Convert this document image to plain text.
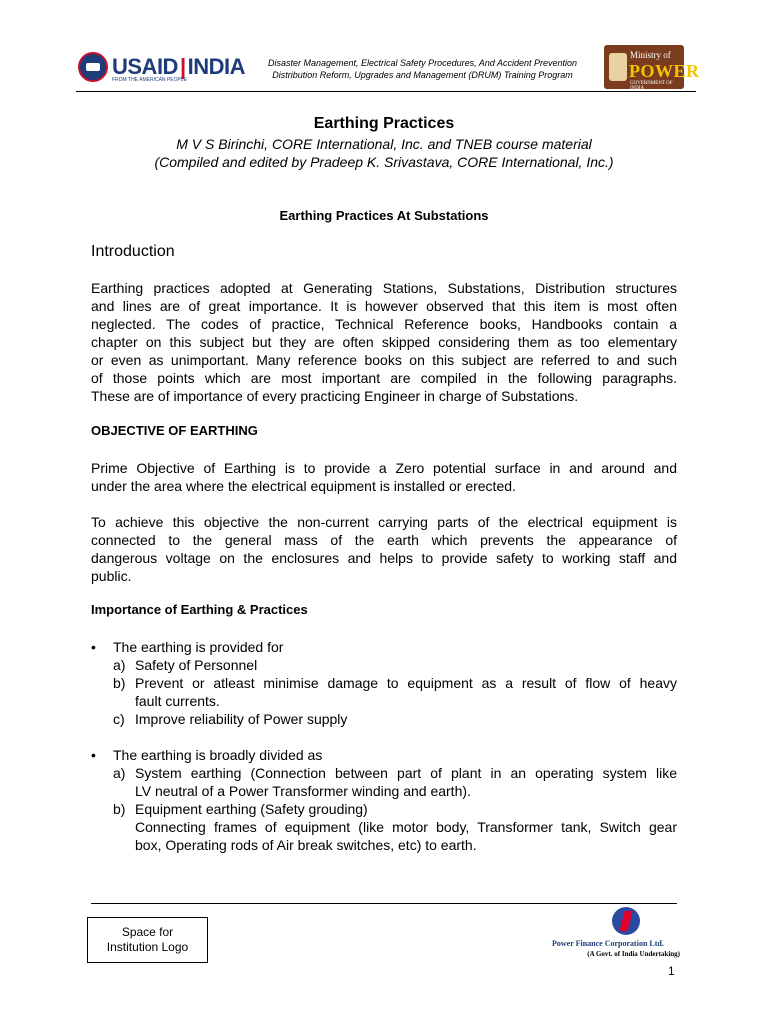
USAID|INDIA
FROM THE AMERICAN PEOPLE
Disaster Management, Electrical Safety Procedures, And Accident Prevention
Distribution Reform, Upgrades and Management (DRUM) Training Program
Ministry of
POWER
GOVERNMENT OF INDIA
Earthing Practices
M V S Birinchi, CORE International, Inc. and TNEB course material
(Compiled and edited by Pradeep K. Srivastava, CORE International, Inc.)
Earthing Practices At Substations
Introduction
Earthing practices adopted at Generating Stations, Substations, Distribution structures
and lines are of great importance. It is however observed that this item is most often
neglected. The codes of practice, Technical Reference books, Handbooks contain a
chapter on this subject but they are often skipped considering them as too elementary
or even as unimportant. Many reference books on this subject are referred to and such
of those points which are most important are compiled in the following paragraphs.
These are of importance of every practicing Engineer in charge of Substations.
OBJECTIVE OF EARTHING
Prime Objective of Earthing is to provide a Zero potential surface in and around and
under the area where the electrical equipment is installed or erected.
To achieve this objective the non-current carrying parts of the electrical equipment is
connected to the general mass of the earth which prevents the appearance of
dangerous voltage on the enclosures and helps to provide safety to working staff and
public.
Importance of Earthing & Practices
• The earthing is provided for
a) Safety of Personnel
b) Prevent or atleast minimise damage to equipment as a result of flow of heavy
fault currents.
c) Improve reliability of Power supply
• The earthing is broadly divided as
a) System earthing (Connection between part of plant in an operating system like
LV neutral of a Power Transformer winding and earth).
b) Equipment earthing (Safety grouding)
Connecting frames of equipment (like motor body, Transformer tank, Switch gear
box, Operating rods of Air break switches, etc) to earth.
Space for
Institution Logo	Power Finance Corporation Ltd.
(A Govt. of India Undertaking)
1
